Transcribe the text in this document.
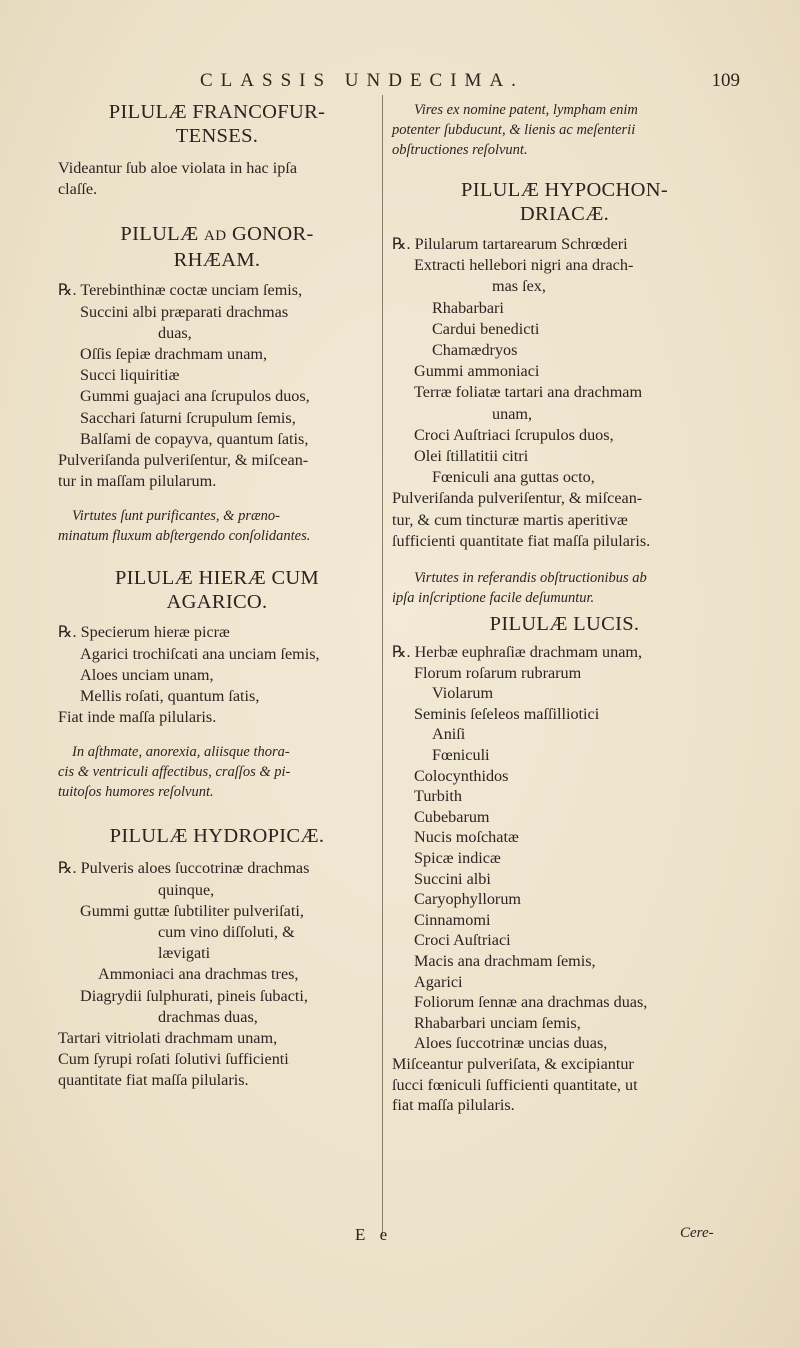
CLASSIS UNDECIMA.	109
PILULÆ FRANCOFUR-
TENSES.
Videantur ſub aloe violata in hac ipſa
claſſe.
PILULÆ AD GONOR-
RHÆAM.
℞. Terebinthinæ coctæ unciam ſemis,
Succini albi præparati drachmas
duas,
Oſſis ſepiæ drachmam unam,
Succi liquiritiæ
Gummi guajaci ana ſcrupulos duos,
Sacchari ſaturni ſcrupulum ſemis,
Balſami de copayva, quantum ſatis,
Pulveriſanda pulveriſentur, & miſcean-
tur in maſſam pilularum.
Virtutes ſunt purificantes, & præno-
minatum fluxum abſtergendo conſolidantes.
PILULÆ HIERÆ CUM
AGARICO.
℞. Specierum hieræ picræ
Agarici trochiſcati ana unciam ſemis,
Aloes unciam unam,
Mellis roſati, quantum ſatis,
Fiat inde maſſa pilularis.
In aſthmate, anorexia, aliisque thora-
cis & ventriculi affectibus, craſſos & pi-
tuitoſos humores reſolvunt.
PILULÆ HYDROPICÆ.
℞. Pulveris aloes ſuccotrinæ drachmas
quinque,
Gummi guttæ ſubtiliter pulveriſati,
cum vino diſſoluti, &
lævigati
Ammoniaci ana drachmas tres,
Diagrydii ſulphurati, pineis ſubacti,
drachmas duas,
Tartari vitriolati drachmam unam,
Cum ſyrupi roſati ſolutivi ſufficienti
quantitate fiat maſſa pilularis.
Vires ex nomine patent, lympham enim
potenter ſubducunt, & lienis ac meſenterii
obſtructiones reſolvunt.
PILULÆ HYPOCHON-
DRIACÆ.
℞. Pilularum tartarearum Schrœderi
Extracti hellebori nigri ana drach-
mas ſex,
Rhabarbari
Cardui benedicti
Chamædryos
Gummi ammoniaci
Terræ foliatæ tartari ana drachmam
unam,
Croci Auſtriaci ſcrupulos duos,
Olei ſtillatitii citri
Fœniculi ana guttas octo,
Pulveriſanda pulveriſentur, & miſcean-
tur, & cum tincturæ martis aperitivæ
ſufficienti quantitate fiat maſſa pilularis.
Virtutes in referandis obſtructionibus ab
ipſa inſcriptione facile deſumuntur.
PILULÆ LUCIS.
℞. Herbæ euphraſiæ drachmam unam,
Florum roſarum rubrarum
Violarum
Seminis ſeſeleos maſſilliotici
Aniſi
Fœniculi
Colocynthidos
Turbith
Cubebarum
Nucis moſchatæ
Spicæ indicæ
Succini albi
Caryophyllorum
Cinnamomi
Croci Auſtriaci
Macis ana drachmam ſemis,
Agarici
Foliorum ſennæ ana drachmas duas,
Rhabarbari unciam ſemis,
Aloes ſuccotrinæ uncias duas,
Miſceantur pulveriſata, & excipiantur
ſucci fœniculi ſufficienti quantitate, ut
fiat maſſa pilularis.
E e	Cere-
